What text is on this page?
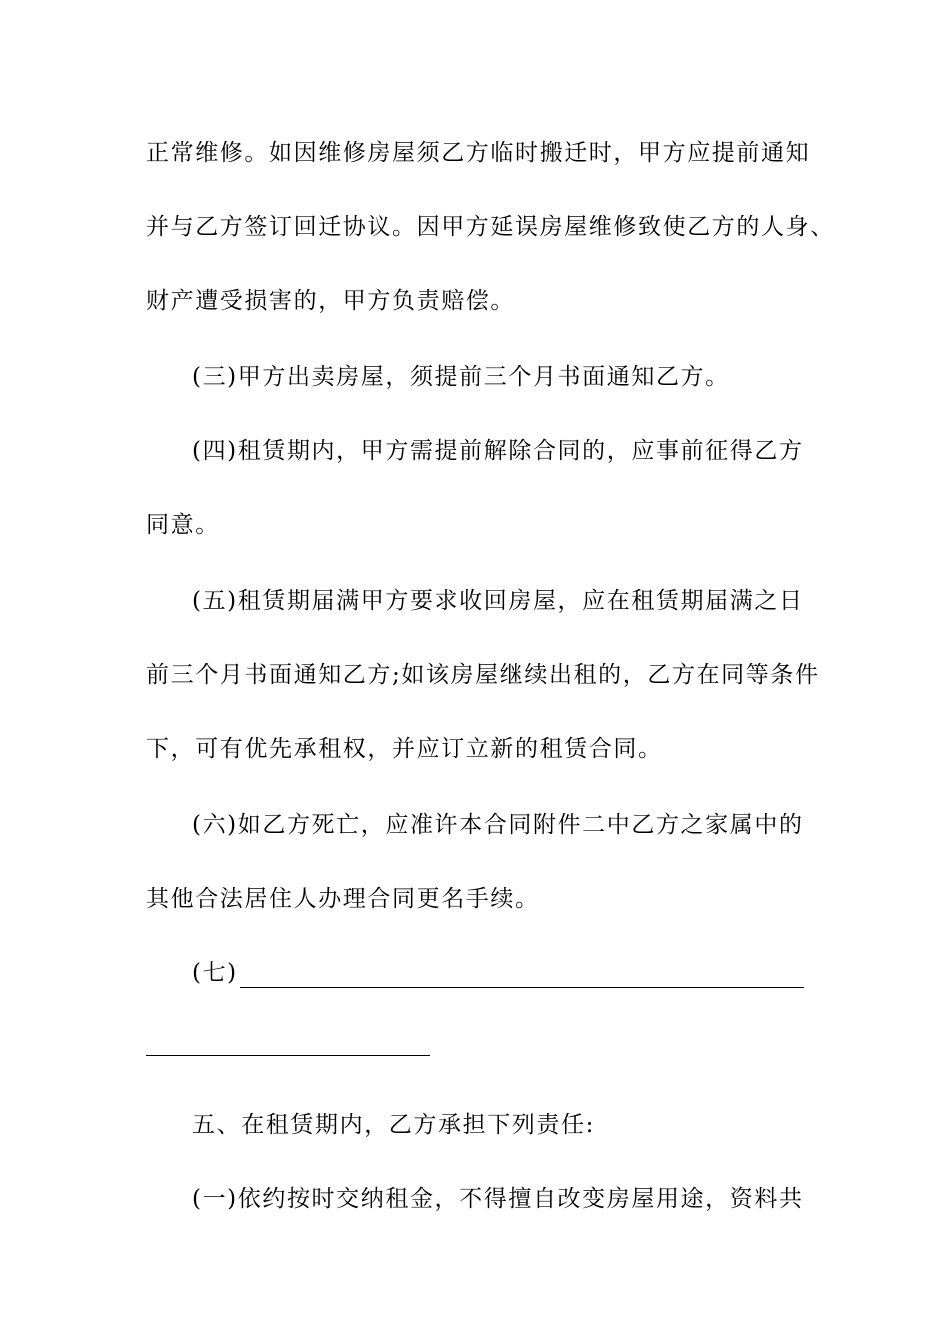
正常维修。如因维修房屋须乙方临时搬迁时，甲方应提前通知
并与乙方签订回迁协议。因甲方延误房屋维修致使乙方的人身、
财产遭受损害的，甲方负责赔偿。
(三)甲方出卖房屋，须提前三个月书面通知乙方。
(四)租赁期内，甲方需提前解除合同的，应事前征得乙方
同意。
(五)租赁期届满甲方要求收回房屋，应在租赁期届满之日
前三个月书面通知乙方;如该房屋继续出租的，乙方在同等条件
下，可有优先承租权，并应订立新的租赁合同。
(六)如乙方死亡，应准许本合同附件二中乙方之家属中的
其他合法居住人办理合同更名手续。
(七)
五、在租赁期内，乙方承担下列责任:
(一)依约按时交纳租金，不得擅自改变房屋用途，资料共
